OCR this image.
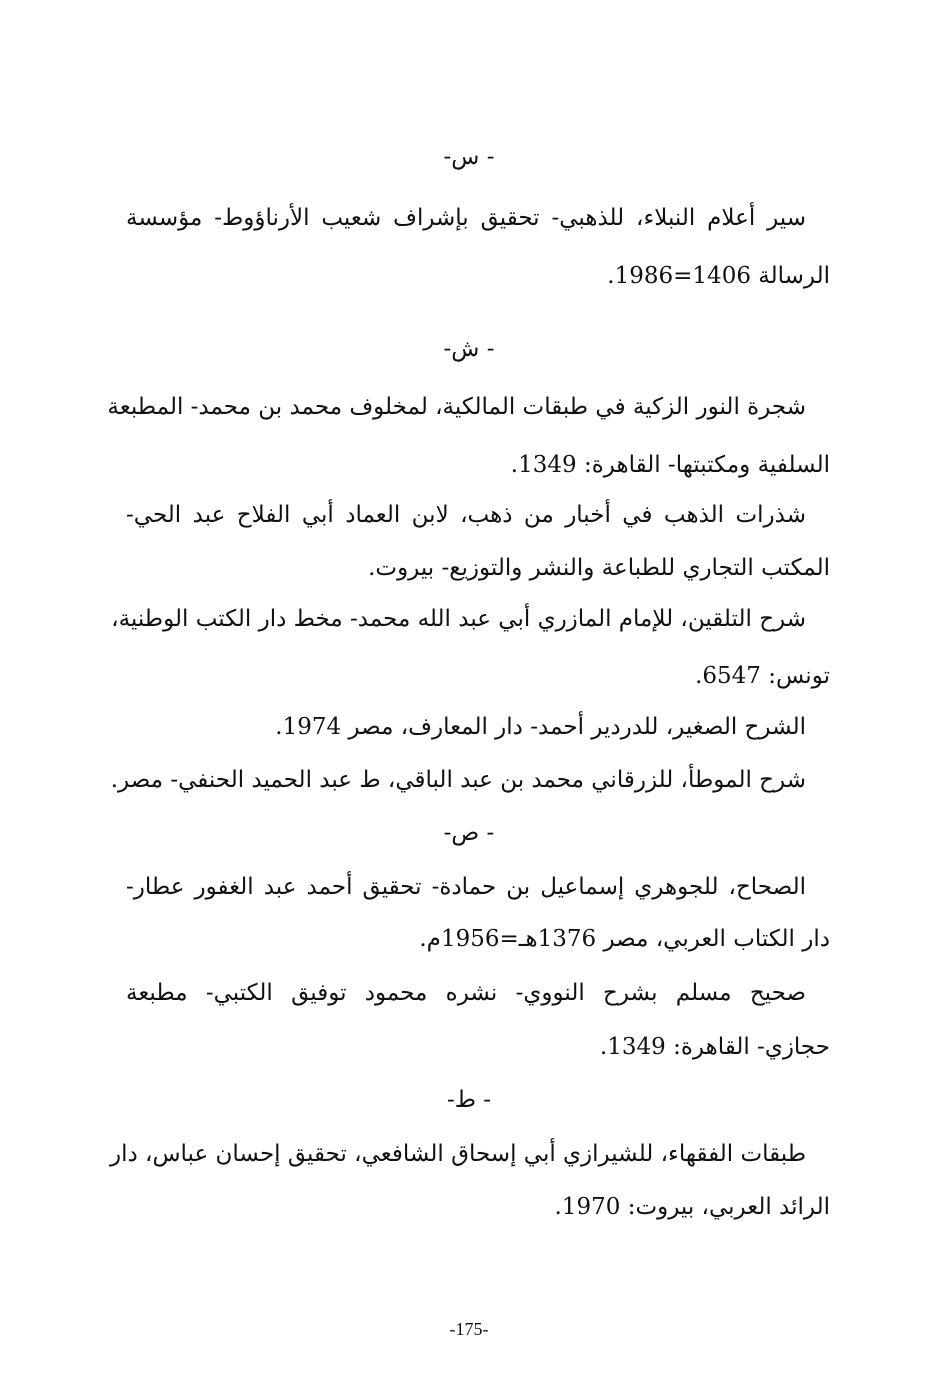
- س-
سير أعلام النبلاء، للذهبي- تحقيق بإشراف شعيب الأرناؤوط- مؤسسة
الرسالة 1406=1986.
- ش-
شجرة النور الزكية في طبقات المالكية، لمخلوف محمد بن محمد- المطبعة
السلفية ومكتبتها- القاهرة: 1349.
شذرات الذهب في أخبار من ذهب، لابن العماد أبي الفلاح عبد الحي-
المكتب التجاري للطباعة والنشر والتوزيع- بيروت.
شرح التلقين، للإمام المازري أبي عبد الله محمد- مخط دار الكتب الوطنية،
تونس: 6547.
الشرح الصغير، للدردير أحمد- دار المعارف، مصر 1974.
شرح الموطأ، للزرقاني محمد بن عبد الباقي، ط عبد الحميد الحنفي- مصر.
- ص-
الصحاح، للجوهري إسماعيل بن حمادة- تحقيق أحمد عبد الغفور عطار-
دار الكتاب العربي، مصر 1376هـ=1956م.
صحيح مسلم بشرح النووي- نشره محمود توفيق الكتبي- مطبعة
حجازي- القاهرة: 1349.
- ط-
طبقات الفقهاء، للشيرازي أبي إسحاق الشافعي، تحقيق إحسان عباس، دار
الرائد العربي، بيروت: 1970.
-175-
